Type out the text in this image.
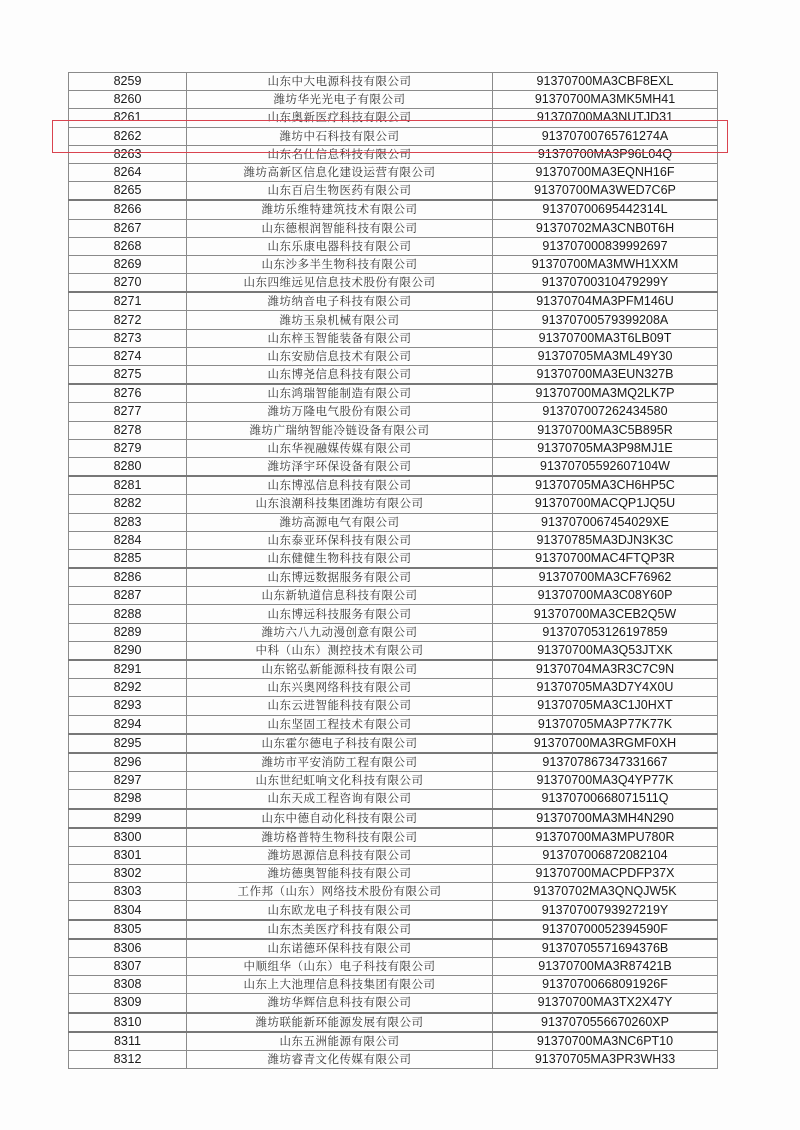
8259	山东中大电源科技有限公司	91370700MA3CBF8EXL
8260	潍坊华光光电子有限公司	91370700MA3MK5MH41
8261	山东奥新医疗科技有限公司	91370700MA3NUTJD31
8262	潍坊中石科技有限公司	91370700765761274A
8263	山东名仕信息科技有限公司	91370700MA3P96L04Q
8264	潍坊高新区信息化建设运营有限公司	91370700MA3EQNH16F
8265	山东百启生物医药有限公司	91370700MA3WED7C6P
8266	潍坊乐维特建筑技术有限公司	91370700695442314L
8267	山东德根润智能科技有限公司	91370702MA3CNB0T6H
8268	山东乐康电器科技有限公司	913707000839992697
8269	山东沙多半生物科技有限公司	91370700MA3MWH1XXM
8270	山东四维远见信息技术股份有限公司	91370700310479299Y
8271	潍坊纳音电子科技有限公司	91370704MA3PFM146U
8272	潍坊玉泉机械有限公司	91370700579399208A
8273	山东梓玉智能装备有限公司	91370700MA3T6LB09T
8274	山东安励信息技术有限公司	91370705MA3ML49Y30
8275	山东博尧信息科技有限公司	91370700MA3EUN327B
8276	山东鸿瑞智能制造有限公司	91370700MA3MQ2LK7P
8277	潍坊万隆电气股份有限公司	913707007262434580
8278	潍坊广瑞纳智能冷链设备有限公司	91370700MA3C5B895R
8279	山东华视融媒传媒有限公司	91370705MA3P98MJ1E
8280	潍坊泽宇环保设备有限公司	91370705592607104W
8281	山东博泓信息科技有限公司	91370705MA3CH6HP5C
8282	山东浪潮科技集团潍坊有限公司	91370700MACQP1JQ5U
8283	潍坊高源电气有限公司	9137070067454029XE
8284	山东泰亚环保科技有限公司	91370785MA3DJN3K3C
8285	山东健健生物科技有限公司	91370700MAC4FTQP3R
8286	山东博远数据服务有限公司	91370700MA3CF76962
8287	山东新轨道信息科技有限公司	91370700MA3C08Y60P
8288	山东博远科技服务有限公司	91370700MA3CEB2Q5W
8289	潍坊六八九动漫创意有限公司	913707053126197859
8290	中科（山东）测控技术有限公司	91370700MA3Q53JTXK
8291	山东铭弘新能源科技有限公司	91370704MA3R3C7C9N
8292	山东兴奥网络科技有限公司	91370705MA3D7Y4X0U
8293	山东云进智能科技有限公司	91370705MA3C1J0HXT
8294	山东坚固工程技术有限公司	91370705MA3P77K77K
8295	山东霍尔德电子科技有限公司	91370700MA3RGMF0XH
8296	潍坊市平安消防工程有限公司	913707867347331667
8297	山东世纪虹响文化科技有限公司	91370700MA3Q4YP77K
8298	山东天成工程咨询有限公司	91370700668071511Q
8299	山东中德自动化科技有限公司	91370700MA3MH4N290
8300	潍坊格普特生物科技有限公司	91370700MA3MPU780R
8301	潍坊恩源信息科技有限公司	913707006872082104
8302	潍坊德奥智能科技有限公司	91370700MACPDFP37X
8303	工作邦（山东）网络技术股份有限公司	91370702MA3QNQJW5K
8304	山东欧龙电子科技有限公司	91370700793927219Y
8305	山东杰美医疗科技有限公司	91370700052394590F
8306	山东诺德环保科技有限公司	91370705571694376B
8307	中顺组华（山东）电子科技有限公司	91370700MA3R87421B
8308	山东上大池理信息科技集团有限公司	91370700668091926F
8309	潍坊华辉信息科技有限公司	91370700MA3TX2X47Y
8310	潍坊联能新环能源发展有限公司	9137070556670260XP
8311	山东五洲能源有限公司	91370700MA3NC6PT10
8312	潍坊睿青文化传媒有限公司	91370705MA3PR3WH33
